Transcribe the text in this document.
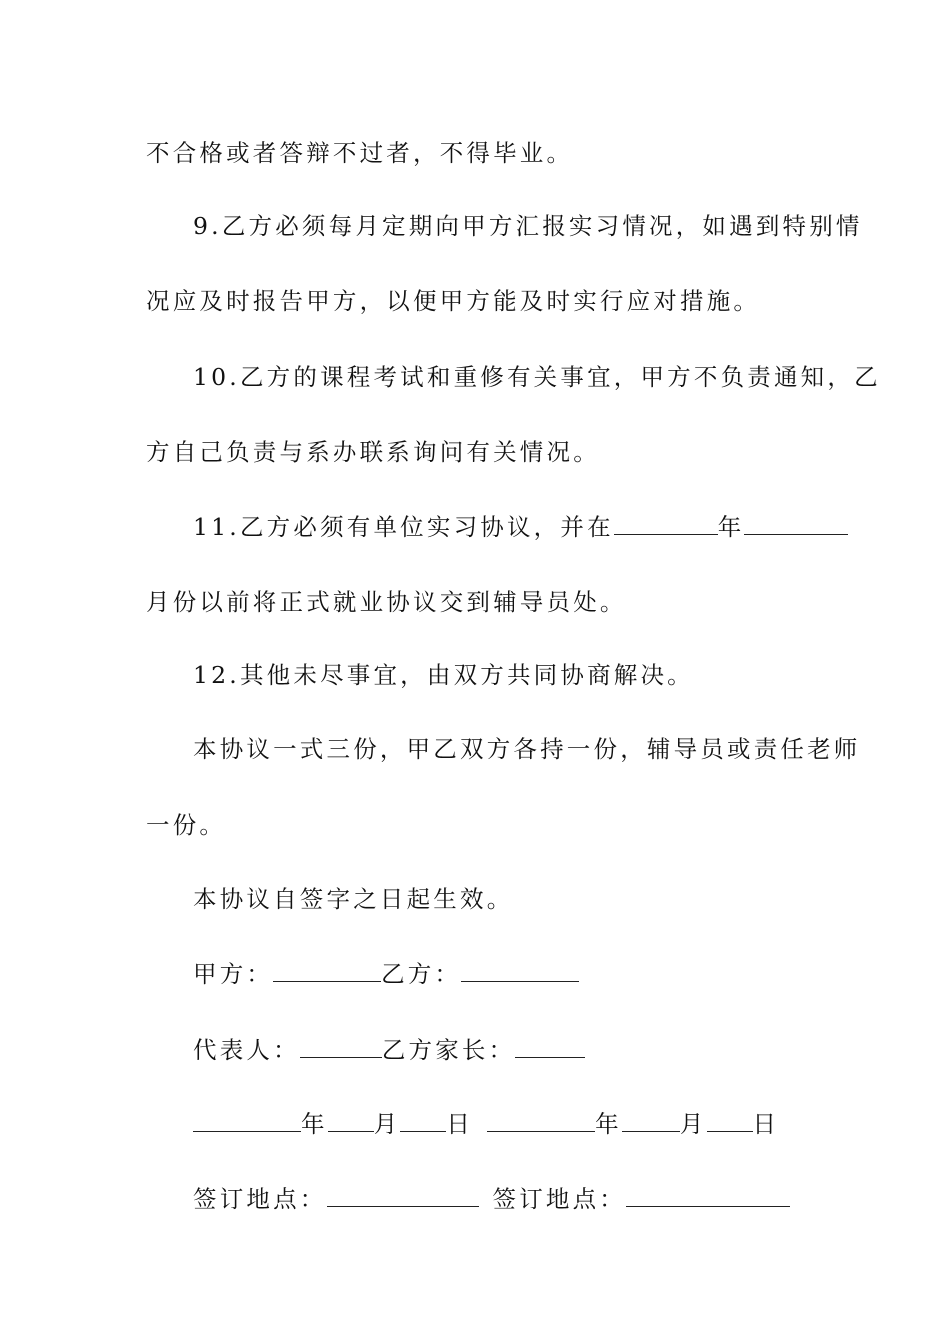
不合格或者答辩不过者，不得毕业。
9.乙方必须每月定期向甲方汇报实习情况，如遇到特别情
况应及时报告甲方，以便甲方能及时实行应对措施。
10.乙方的课程考试和重修有关事宜，甲方不负责通知，乙
方自己负责与系办联系询问有关情况。
11.乙方必须有单位实习协议，并在	年
月份以前将正式就业协议交到辅导员处。
12.其他未尽事宜，由双方共同协商解决。
本协议一式三份，甲乙双方各持一份，辅导员或责任老师
一份。
本协议自签字之日起生效。
甲方：	乙方：
代表人：	乙方家长：
年 月 日	年 月 日
签订地点：	签订地点：
